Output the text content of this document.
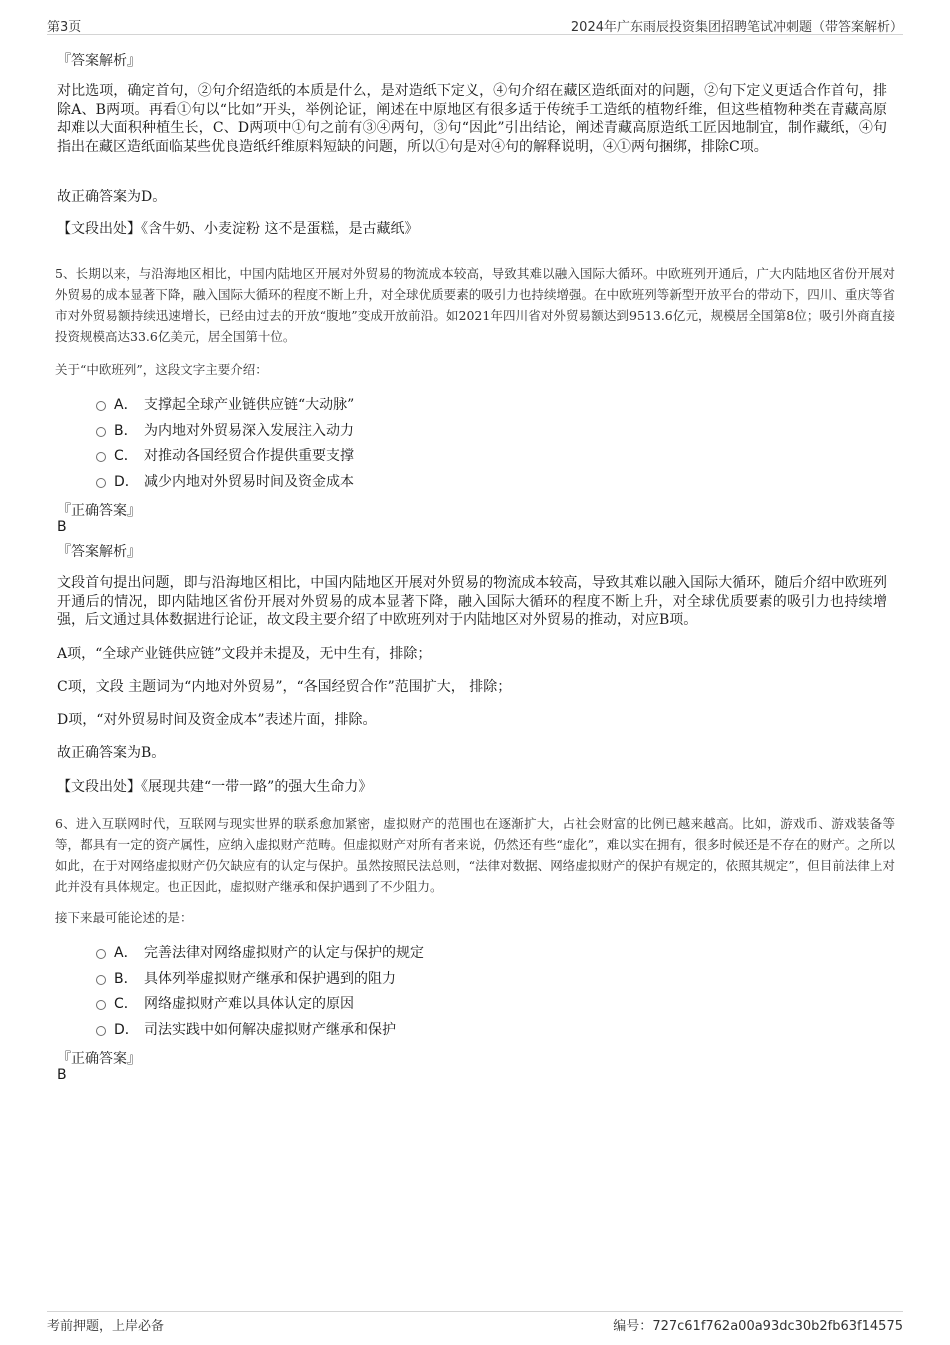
第3页	2024年广东雨辰投资集团招聘笔试冲刺题（带答案解析）
『答案解析』
对比选项，确定首句，②句介绍造纸的本质是什么，是对造纸下定义，④句介绍在藏区造纸面对的问题，②句下定义更适合作首句，排除A、B两项。再看①句以“比如”开头，举例论证，阐述在中原地区有很多适于传统手工造纸的植物纤维，但这些植物种类在青藏高原却难以大面积种植生长，C、D两项中①句之前有③④两句，③句“因此”引出结论，阐述青藏高原造纸工匠因地制宜，制作藏纸，④句指出在藏区造纸面临某些优良造纸纤维原料短缺的问题，所以①句是对④句的解释说明，④①两句捆绑，排除C项。
故正确答案为D。
【文段出处】《含牛奶、小麦淀粉 这不是蛋糕，是古藏纸》
5、长期以来，与沿海地区相比，中国内陆地区开展对外贸易的物流成本较高，导致其难以融入国际大循环。中欧班列开通后，广大内陆地区省份开展对外贸易的成本显著下降，融入国际大循环的程度不断上升，对全球优质要素的吸引力也持续增强。在中欧班列等新型开放平台的带动下，四川、重庆等省市对外贸易额持续迅速增长，已经由过去的开放“腹地”变成开放前沿。如2021年四川省对外贸易额达到9513.6亿元，规模居全国第8位；吸引外商直接投资规模高达33.6亿美元，居全国第十位。
关于“中欧班列”，这段文字主要介绍：
A． 支撑起全球产业链供应链“大动脉”
B． 为内地对外贸易深入发展注入动力
C． 对推动各国经贸合作提供重要支撑
D． 减少内地对外贸易时间及资金成本
『正确答案』
B
『答案解析』
文段首句提出问题，即与沿海地区相比，中国内陆地区开展对外贸易的物流成本较高，导致其难以融入国际大循环，随后介绍中欧班列开通后的情况，即内陆地区省份开展对外贸易的成本显著下降，融入国际大循环的程度不断上升，对全球优质要素的吸引力也持续增强，后文通过具体数据进行论证，故文段主要介绍了中欧班列对于内陆地区对外贸易的推动，对应B项。
A项，“全球产业链供应链”文段并未提及，无中生有，排除；
C项，文段 主题词为“内地对外贸易”，“各国经贸合作”范围扩大， 排除；
D项，“对外贸易时间及资金成本”表述片面，排除。
故正确答案为B。
【文段出处】《展现共建“一带一路”的强大生命力》
6、进入互联网时代，互联网与现实世界的联系愈加紧密，虚拟财产的范围也在逐渐扩大，占社会财富的比例已越来越高。比如，游戏币、游戏装备等等，都具有一定的资产属性，应纳入虚拟财产范畴。但虚拟财产对所有者来说，仍然还有些“虚化”，难以实在拥有，很多时候还是不存在的财产。之所以如此，在于对网络虚拟财产仍欠缺应有的认定与保护。虽然按照民法总则，“法律对数据、网络虚拟财产的保护有规定的，依照其规定”，但目前法律上对此并没有具体规定。也正因此，虚拟财产继承和保护遇到了不少阻力。
接下来最可能论述的是：
A． 完善法律对网络虚拟财产的认定与保护的规定
B． 具体列举虚拟财产继承和保护遇到的阻力
C． 网络虚拟财产难以具体认定的原因
D． 司法实践中如何解决虚拟财产继承和保护
『正确答案』
B
考前押题，上岸必备	编号：727c61f762a00a93dc30b2fb63f14575
